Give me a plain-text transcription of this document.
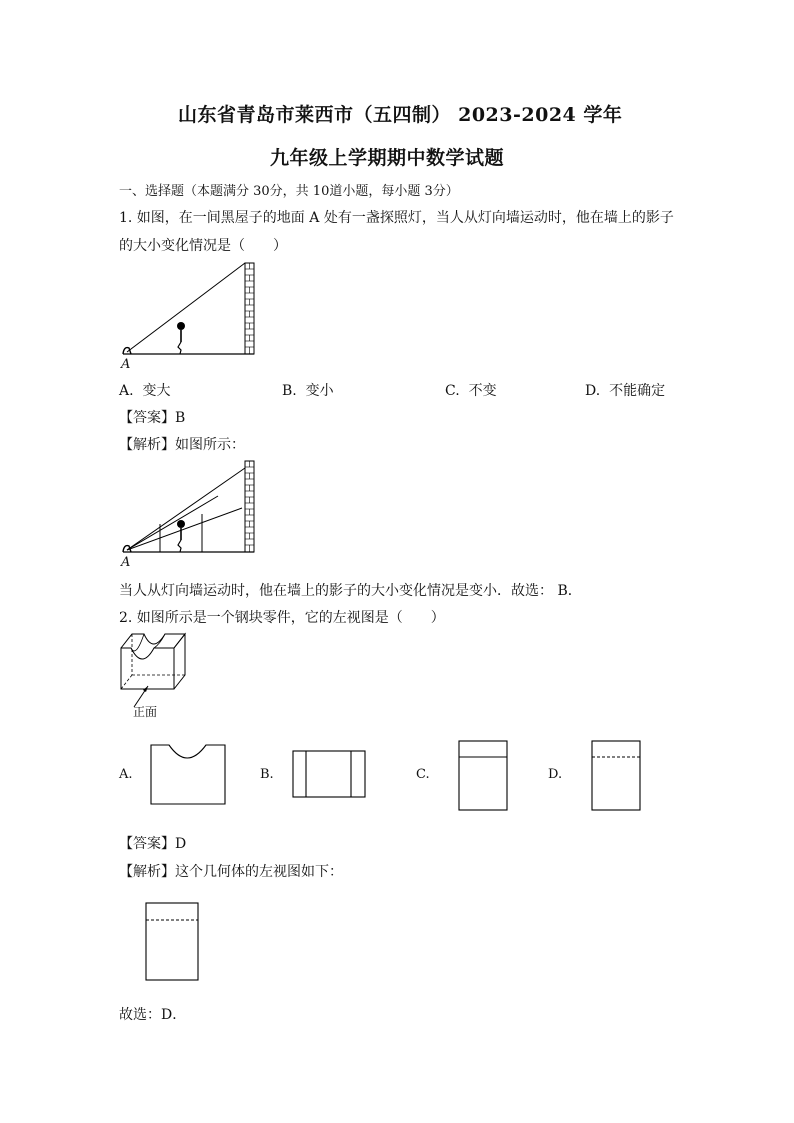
山东省青岛市莱西市（五四制） 2023-2024 学年
九年级上学期期中数学试题
一、选择题（本题满分 30分，共 10道小题，每小题 3分）
1. 如图，在一间黑屋子的地面 A 处有一盏探照灯，当人从灯向墙运动时，他在墙上的影子
的大小变化情况是（　　）
A
A. 变大	B. 变小	C. 不变	D. 不能确定
【答案】B
【解析】如图所示：
A
当人从灯向墙运动时，他在墙上的影子的大小变化情况是变小．故选： B．
2. 如图所示是一个钢块零件，它的左视图是（　　）
正面
A.	B.	C.	D.
【答案】D
【解析】这个几何体的左视图如下：
故选：D．
